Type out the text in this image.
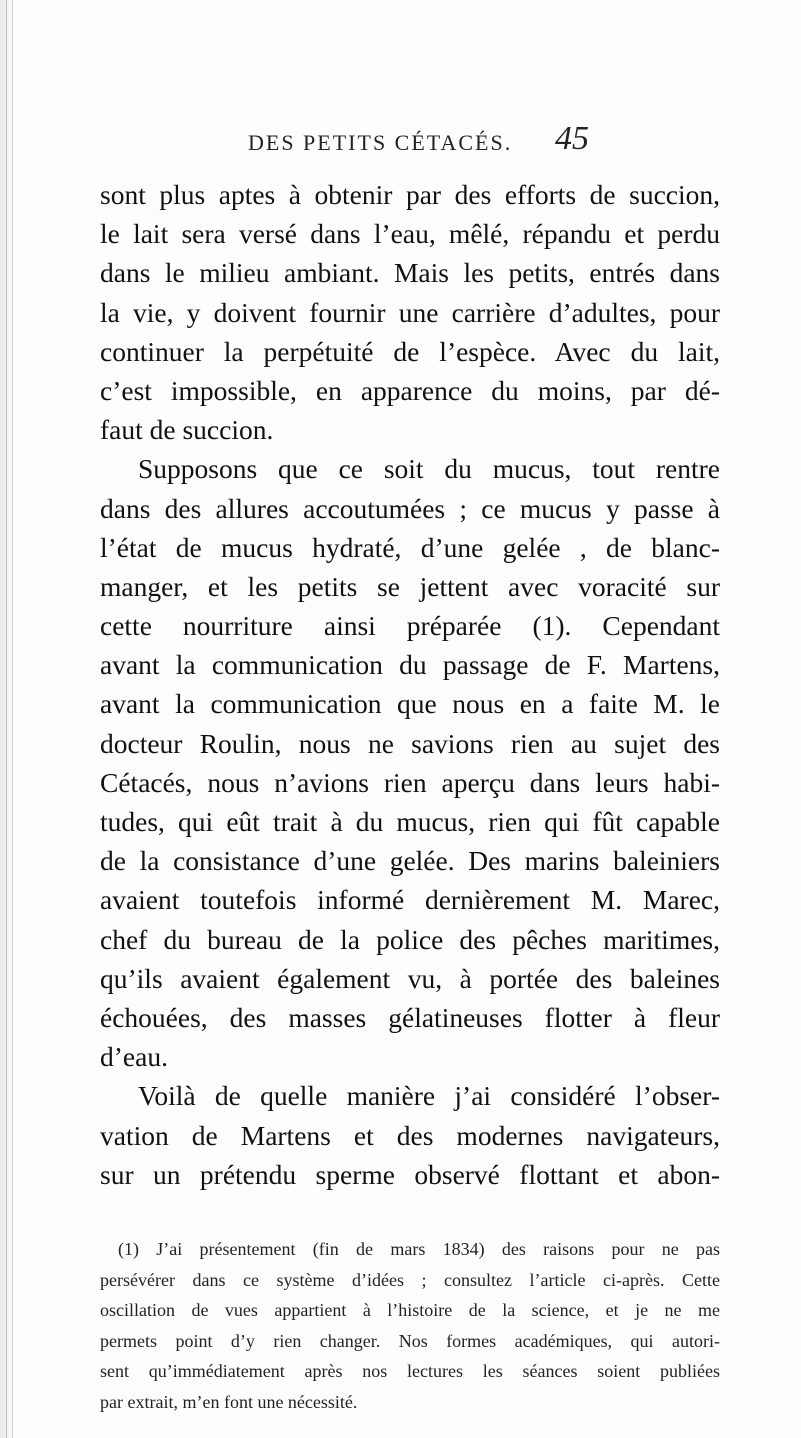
DES PETITS CÉTACÉS. 45
sont plus aptes à obtenir par des efforts de succion,
le lait sera versé dans l’eau, mêlé, répandu et perdu
dans le milieu ambiant. Mais les petits, entrés dans
la vie, y doivent fournir une carrière d’adultes, pour
continuer la perpétuité de l’espèce. Avec du lait,
c’est impossible, en apparence du moins, par dé-
faut de succion.
Supposons que ce soit du mucus, tout rentre
dans des allures accoutumées ; ce mucus y passe à
l’état de mucus hydraté, d’une gelée , de blanc-
manger, et les petits se jettent avec voracité sur
cette nourriture ainsi préparée (1). Cependant
avant la communication du passage de F. Martens,
avant la communication que nous en a faite M. le
docteur Roulin, nous ne savions rien au sujet des
Cétacés, nous n’avions rien aperçu dans leurs habi-
tudes, qui eût trait à du mucus, rien qui fût capable
de la consistance d’une gelée. Des marins baleiniers
avaient toutefois informé dernièrement M. Marec,
chef du bureau de la police des pêches maritimes,
qu’ils avaient également vu, à portée des baleines
échouées, des masses gélatineuses flotter à fleur
d’eau.
Voilà de quelle manière j’ai considéré l’obser-
vation de Martens et des modernes navigateurs,
sur un prétendu sperme observé flottant et abon-
(1) J’ai présentement (fin de mars 1834) des raisons pour ne pas
persévérer dans ce système d’idées ; consultez l’article ci-après. Cette
oscillation de vues appartient à l’histoire de la science, et je ne me
permets point d’y rien changer. Nos formes académiques, qui autori-
sent qu’immédiatement après nos lectures les séances soient publiées
par extrait, m’en font une nécessité.
